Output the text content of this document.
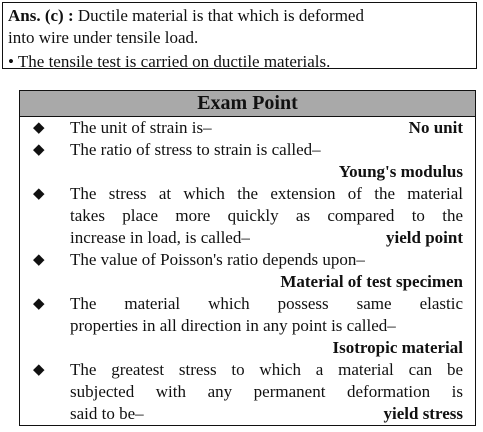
Ans. (c) : Ductile material is that which is deformed
into wire under tensile load.
• The tensile test is carried on ductile materials.
Exam Point
◆ The unit of strain is–	No unit
◆ The ratio of stress to strain is called–
Young's modulus
◆ The stress at which the extension of the material
takes place more quickly as compared to the
increase in load, is called–	yield point
◆ The value of Poisson's ratio depends upon–
Material of test specimen
◆ The material which possess same elastic
properties in all direction in any point is called–
Isotropic material
◆ The greatest stress to which a material can be
subjected with any permanent deformation is
said to be–	yield stress
